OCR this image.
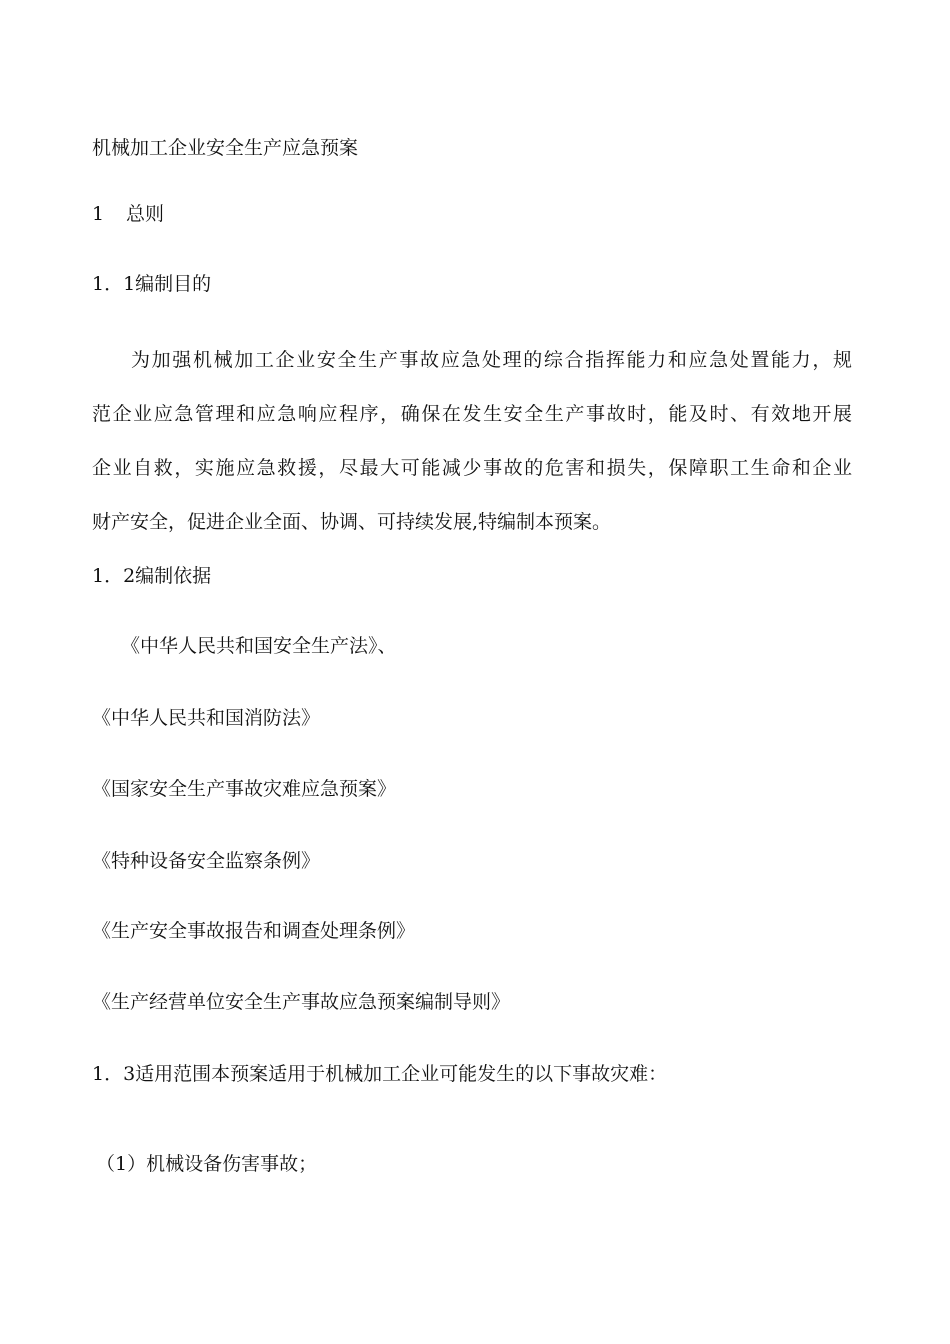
机械加工企业安全生产应急预案
1 总则
1．1编制目的
为加强机械加工企业安全生产事故应急处理的综合指挥能力和应急处置能力，规
范企业应急管理和应急响应程序，确保在发生安全生产事故时，能及时、有效地开展
企业自救，实施应急救援，尽最大可能减少事故的危害和损失，保障职工生命和企业
财产安全，促进企业全面、协调、可持续发展,特编制本预案。
1．2编制依据
《中华人民共和国安全生产法》、
《中华人民共和国消防法》
《国家安全生产事故灾难应急预案》
《特种设备安全监察条例》
《生产安全事故报告和调查处理条例》
《生产经营单位安全生产事故应急预案编制导则》
1．3适用范围本预案适用于机械加工企业可能发生的以下事故灾难：
（1）机械设备伤害事故；
